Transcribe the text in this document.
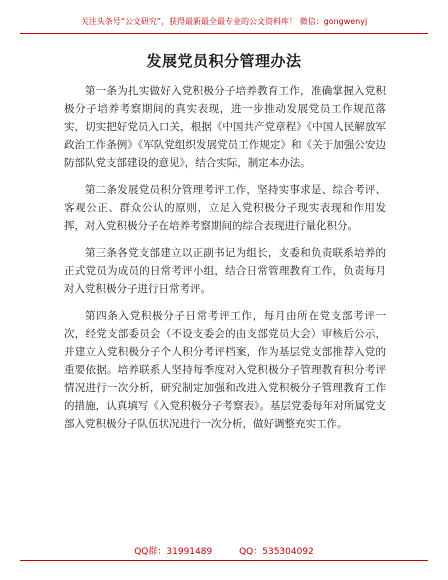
关注头条号“公文研究”，获得最新最全最专业的公文资料库！ 微信：gongwenyj
发展党员积分管理办法

第一条为扎实做好入党积极分子培养教育工作，准确掌握入党积极分子培养考察期间的真实表现，进一步推动发展党员工作规范落实，切实把好党员入口关，根据《中国共产党章程》《中国人民解放军政治工作条例》《军队党组织发展党员工作规定》和《关于加强公安边防部队党支部建设的意见》，结合实际，制定本办法。

第二条发展党员积分管理考评工作，坚持实事求是、综合考评、客观公正、群众公认的原则，立足入党积极分子现实表现和作用发挥，对入党积极分子在培养考察期间的综合表现进行量化积分。

第三条各党支部建立以正副书记为组长，支委和负责联系培养的正式党员为成员的日常考评小组，结合日常管理教育工作，负责每月对入党积极分子进行日常考评。

第四条入党积极分子日常考评工作，每月由所在党支部考评一次，经党支部委员会（不设支委会的由支部党员大会）审核后公示，并建立入党积极分子个人积分考评档案，作为基层党支部推荐入党的重要依据。培养联系人坚持每季度对入党积极分子管理教育积分考评情况进行一次分析，研究制定加强和改进入党积极分子管理教育工作的措施，认真填写《入党积极分子考察表》。基层党委每年对所属党支部入党积极分子队伍状况进行一次分析，做好调整充实工作。

QQ群：31991489	QQ：535304092
